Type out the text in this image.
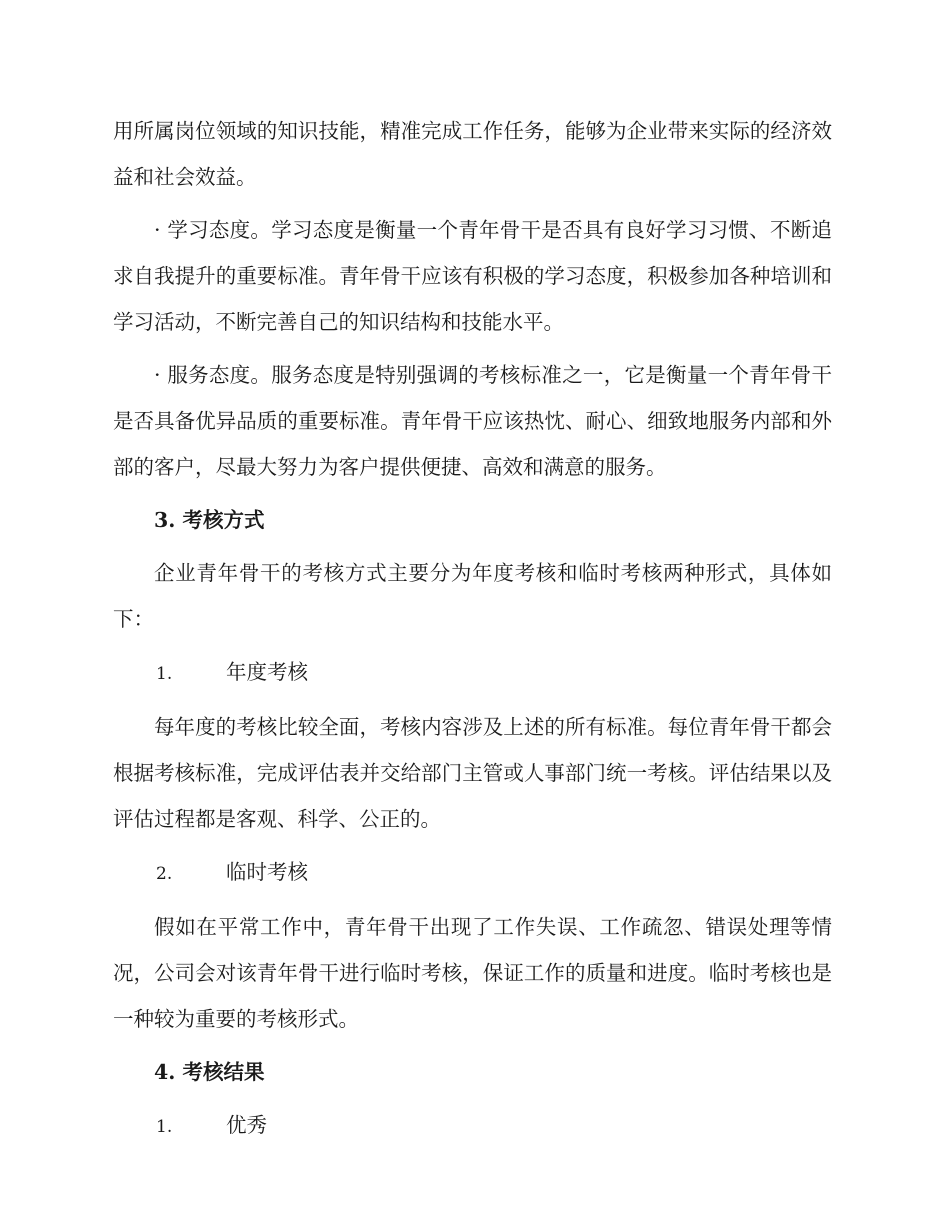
用所属岗位领域的知识技能，精准完成工作任务，能够为企业带来实际的经济效益和社会效益。

· 学习态度。学习态度是衡量一个青年骨干是否具有良好学习习惯、不断追求自我提升的重要标准。青年骨干应该有积极的学习态度，积极参加各种培训和学习活动，不断完善自己的知识结构和技能水平。

· 服务态度。服务态度是特别强调的考核标准之一，它是衡量一个青年骨干是否具备优异品质的重要标准。青年骨干应该热忱、耐心、细致地服务内部和外部的客户，尽最大努力为客户提供便捷、高效和满意的服务。

3. 考核方式

企业青年骨干的考核方式主要分为年度考核和临时考核两种形式，具体如下：

1.	年度考核

每年度的考核比较全面，考核内容涉及上述的所有标准。每位青年骨干都会根据考核标准，完成评估表并交给部门主管或人事部门统一考核。评估结果以及评估过程都是客观、科学、公正的。

2.	临时考核

假如在平常工作中，青年骨干出现了工作失误、工作疏忽、错误处理等情况，公司会对该青年骨干进行临时考核，保证工作的质量和进度。临时考核也是一种较为重要的考核形式。

4. 考核结果
1.	优秀
